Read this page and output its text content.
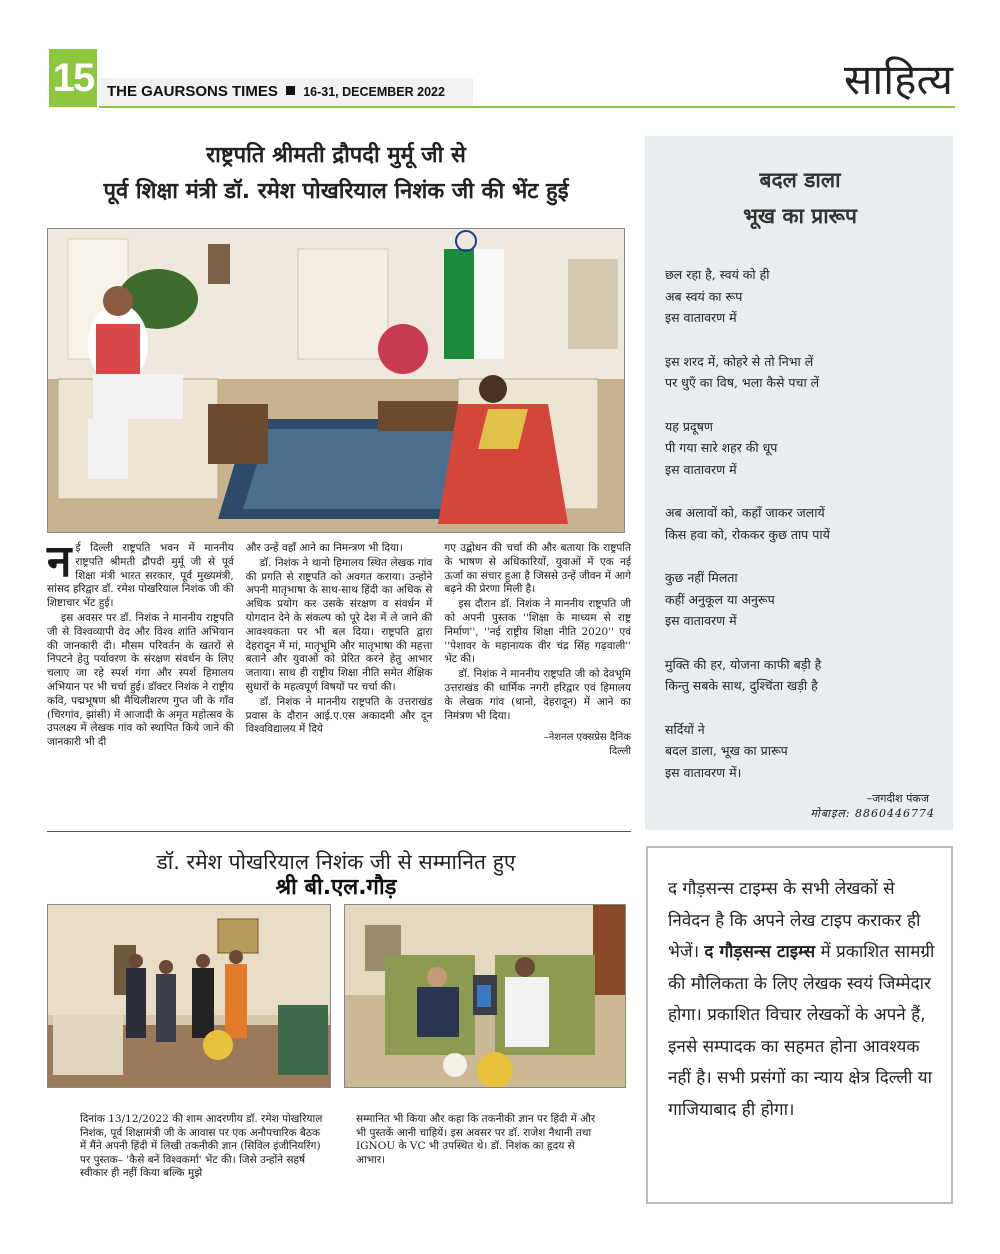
15 THE GAURSONS TIMES 16-31, DECEMBER 2022	साहित्य
राष्ट्रपति श्रीमती द्रौपदी मुर्मू जी से
पूर्व शिक्षा मंत्री डॉ. रमेश पोखरियाल निशंक जी की भेंट हुई

नई दिल्ली राष्ट्रपति भवन में माननीय राष्ट्रपति श्रीमती द्रौपदी मुर्मू जी से पूर्व शिक्षा मंत्री भारत सरकार, पूर्व मुख्यमंत्री, सांसद हरिद्वार डॉ. रमेश पोखरियाल निशंक जी की शिष्टाचार भेंट हुई।

इस अवसर पर डॉ. निशंक ने माननीय राष्ट्रपति जी से विश्वव्यापी वेद और विश्व शांति अभियान की जानकारी दी। मौसम परिवर्तन के खतरों से निपटने हेतु पर्यावरण के संरक्षण संवर्धन के लिए चलाए जा रहे स्पर्श गंगा और स्पर्श हिमालय अभियान पर भी चर्चा हुई। डॉक्टर निशंक ने राष्ट्रीय कवि, पद्मभूषण श्री मैथिलीशरण गुप्त जी के गाँव (चिरगांव, झांसी) में आजादी के अमृत महोत्सव के उपलक्ष्य में लेखक गांव को स्थापित किये जाने की जानकारी भी दी

और उन्हें वहाँ आने का निमन्त्रण भी दिया।

डॉ. निशंक ने थानो हिमालय स्थित लेखक गांव की प्रगति से राष्ट्रपति को अवगत कराया। उन्होंने अपनी मातृभाषा के साथ-साथ हिंदी का अधिक से अधिक प्रयोग कर उसके संरक्षण व संवर्धन में योगदान देने के संकल्प को पूरे देश में ले जाने की आवश्यकता पर भी बल दिया। राष्ट्रपति द्वारा देहरादून में मां, मातृभूमि और मातृभाषा की महत्ता बताने और युवाओं को प्रेरित करने हेतु आभार जताया। साथ ही राष्ट्रीय शिक्षा नीति समेत शैक्षिक सुधारों के महत्वपूर्ण विषयों पर चर्चा की।

डॉ. निशंक ने माननीय राष्ट्रपति के उत्तराखंड प्रवास के दौरान आई.ए.एस अकादमी और दून विश्वविद्यालय में दिये

गए उद्बोधन की चर्चा की और बताया कि राष्ट्रपति के भाषण से अधिकारियों, युवाओं में एक नई ऊर्जा का संचार हुआ है जिससे उन्हें जीवन में आगे बढ़ने की प्रेरणा मिली है।

इस दौरान डॉ. निशंक ने माननीय राष्ट्रपति जी को अपनी पुस्तक ''शिक्षा के माध्यम से राष्ट्र निर्माण'', ''नई राष्ट्रीय शिक्षा नीति 2020'' एवं ''पेशावर के महानायक वीर चंद्र सिंह गढ़वाली'' भेंट की।

डॉ. निशंक ने माननीय राष्ट्रपति जी को देवभूमि उत्तराखंड की धार्मिक नगरी हरिद्वार एवं हिमालय के लेखक गांव (थानो, देहरादून) में आने का निमंत्रण भी दिया।

–नेशनल एक्सप्रेस दैनिक
दिल्ली
बदल डाला
भूख का प्रारूप
छल रहा है, स्वयं को ही
अब स्वयं का रूप
इस वातावरण में
इस शरद में, कोहरे से तो निभा लें
पर धुएँ का विष, भला कैसे पचा लें
यह प्रदूषण
पी गया सारे शहर की धूप
इस वातावरण में
अब अलावों को, कहाँ जाकर जलायें
किस हवा को, रोककर कुछ ताप पायें
कुछ नहीं मिलता
कहीं अनुकूल या अनुरूप
इस वातावरण में
मुक्ति की हर, योजना काफी बड़ी है
किन्तु सबके साथ, दुश्चिंता खड़ी है
सर्दियों ने
बदल डाला, भूख का प्रारूप
इस वातावरण में।
–जगदीश पंकज
मोबाइल: 8860446774
डॉ. रमेश पोखरियाल निशंक जी से सम्मानित हुए
श्री बी.एल.गौड़
दिनांक 13/12/2022 की शाम आदरणीय डॉ. रमेश पोखरियाल निशंक, पूर्व शिक्षामंत्री जी के आवास पर एक अनौपचारिक बैठक में मैंने अपनी हिंदी में लिखी तकनीकी ज्ञान (सिविल इंजीनियरिंग) पर पुस्तक– 'कैसे बनें विश्वकर्मा' भेंट की। जिसे उन्होंने सहर्ष स्वीकार ही नहीं किया बल्कि मुझे
सम्मानित भी किया और कहा कि तकनीकी ज्ञान पर हिंदी में और भी पुस्तकें आनी चाहियें। इस अवसर पर डॉ. राजेश नैथानी तथा IGNOU के VC भी उपस्थित थे। डॉ. निशंक का हृदय से आभार।
द गौड़सन्स टाइम्स के सभी लेखकों से निवेदन है कि अपने लेख टाइप कराकर ही भेजें। द गौड़सन्स टाइम्स में प्रकाशित सामग्री की मौलिकता के लिए लेखक स्वयं जिम्मेदार होगा। प्रकाशित विचार लेखकों के अपने हैं, इनसे सम्पादक का सहमत होना आवश्यक नहीं है। सभी प्रसंगों का न्याय क्षेत्र दिल्ली या गाजियाबाद ही होगा।
